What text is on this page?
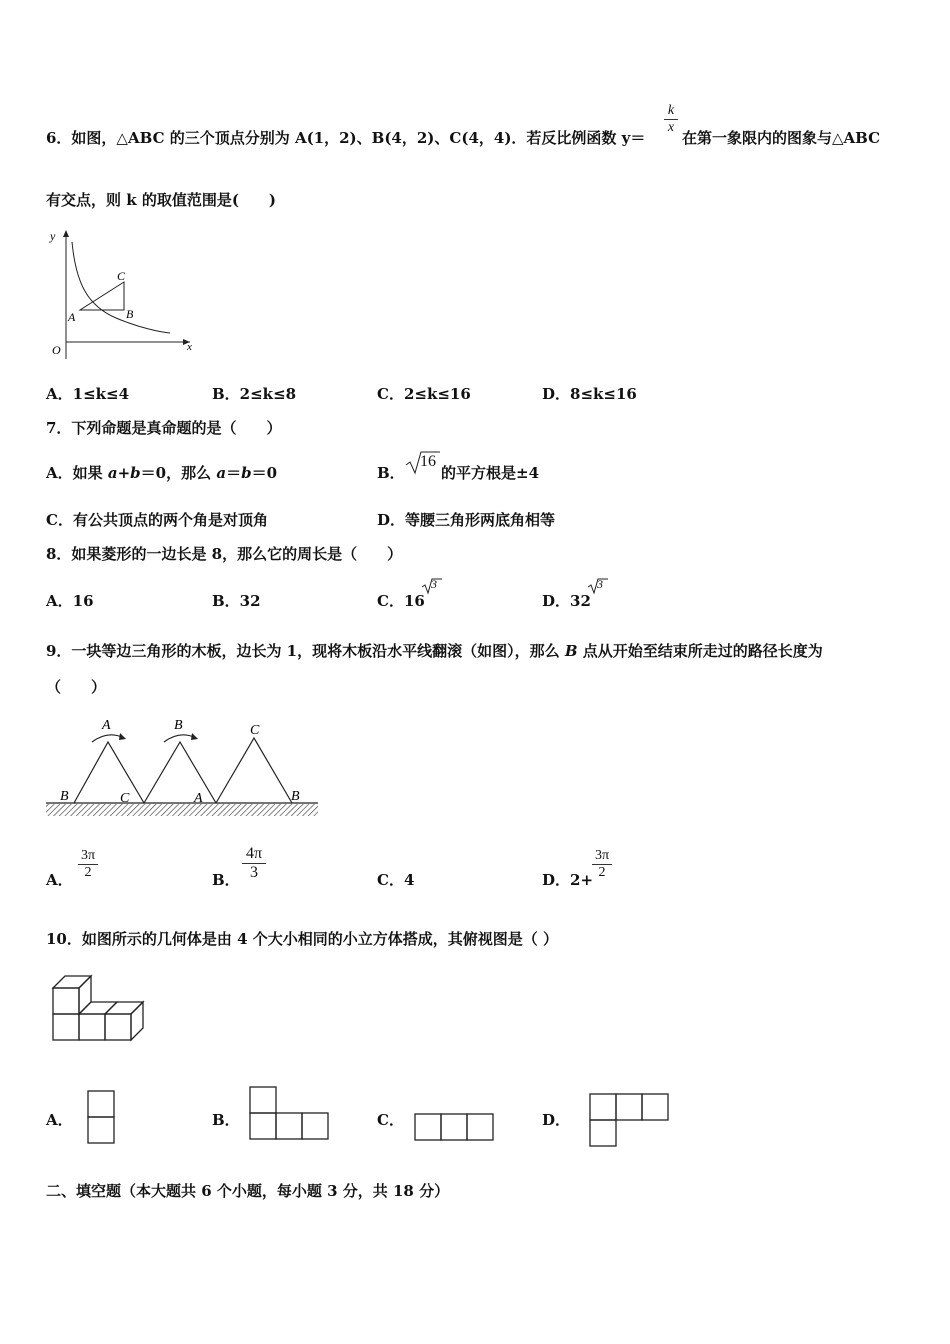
6．如图，△ABC 的三个顶点分别为 A(1，2)、B(4，2)、C(4，4)．若反比例函数 y＝
$\frac{k}{x}$
在第一象限内的图象与△ABC
有交点，则 k 的取值范围是(　　)
y
O	x
A	B
C
A．1≤k≤4	B．2≤k≤8	C．2≤k≤16	D．8≤k≤16
7．下列命题是真命题的是（　　）
A．如果 a+b＝0，那么 a＝b＝0	B．
16
的平方根是±4
C．有公共顶点的两个角是对顶角	D．等腰三角形两底角相等
8．如果菱形的一边长是 8，那么它的周长是（　　）
A．16	B．32	C．16
3
D．32
3
9．一块等边三角形的木板，边长为 1，现将木板沿水平线翻滚（如图），那么 B 点从开始至结束所走过的路径长度为
（　　）
A	B	C
B	C	A	B
A． $\frac{3\pi}{2}$	B． $\frac{4\pi}{3}$	C．4	D．2+
$\frac{3\pi}{2}$
10．如图所示的几何体是由 4 个大小相同的小立方体搭成，其俯视图是（ ）
A．	B．	C．	D．
二、填空题（本大题共 6 个小题，每小题 3 分，共 18 分）
